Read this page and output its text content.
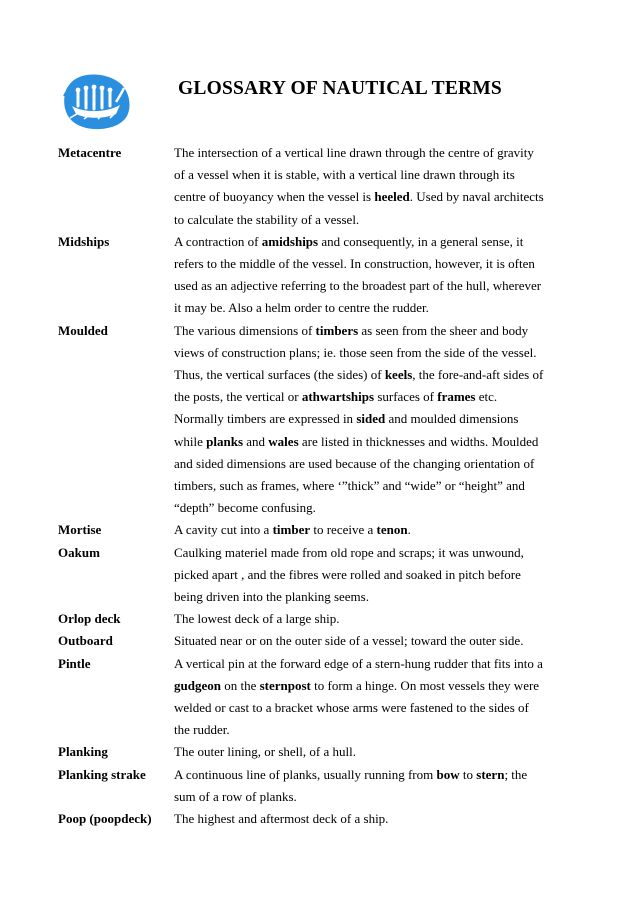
GLOSSARY OF NAUTICAL TERMS
Metacentre	The intersection of a vertical line drawn through the centre of gravity
of a vessel when it is stable, with a vertical line drawn through its
centre of buoyancy when the vessel is heeled. Used by naval architects
to calculate the stability of a vessel.
Midships	A contraction of amidships and consequently, in a general sense, it
refers to the middle of the vessel. In construction, however, it is often
used as an adjective referring to the broadest part of the hull, wherever
it may be. Also a helm order to centre the rudder.
Moulded	The various dimensions of timbers as seen from the sheer and body
views of construction plans; ie. those seen from the side of the vessel.
Thus, the vertical surfaces (the sides) of keels, the fore-and-aft sides of
the posts, the vertical or athwartships surfaces of frames etc.
Normally timbers are expressed in sided and moulded dimensions
while planks and wales are listed in thicknesses and widths. Moulded
and sided dimensions are used because of the changing orientation of
timbers, such as frames, where ‘”thick” and “wide” or “height” and
“depth” become confusing.
Mortise	A cavity cut into a timber to receive a tenon.
Oakum	Caulking materiel made from old rope and scraps; it was unwound,
picked apart , and the fibres were rolled and soaked in pitch before
being driven into the planking seems.
Orlop deck	The lowest deck of a large ship.
Outboard	Situated near or on the outer side of a vessel; toward the outer side.
Pintle	A vertical pin at the forward edge of a stern-hung rudder that fits into a
gudgeon on the sternpost to form a hinge. On most vessels they were
welded or cast to a bracket whose arms were fastened to the sides of
the rudder.
Planking	The outer lining, or shell, of a hull.
Planking strake	A continuous line of planks, usually running from bow to stern; the
sum of a row of planks.
Poop (poopdeck)	The highest and aftermost deck of a ship.
